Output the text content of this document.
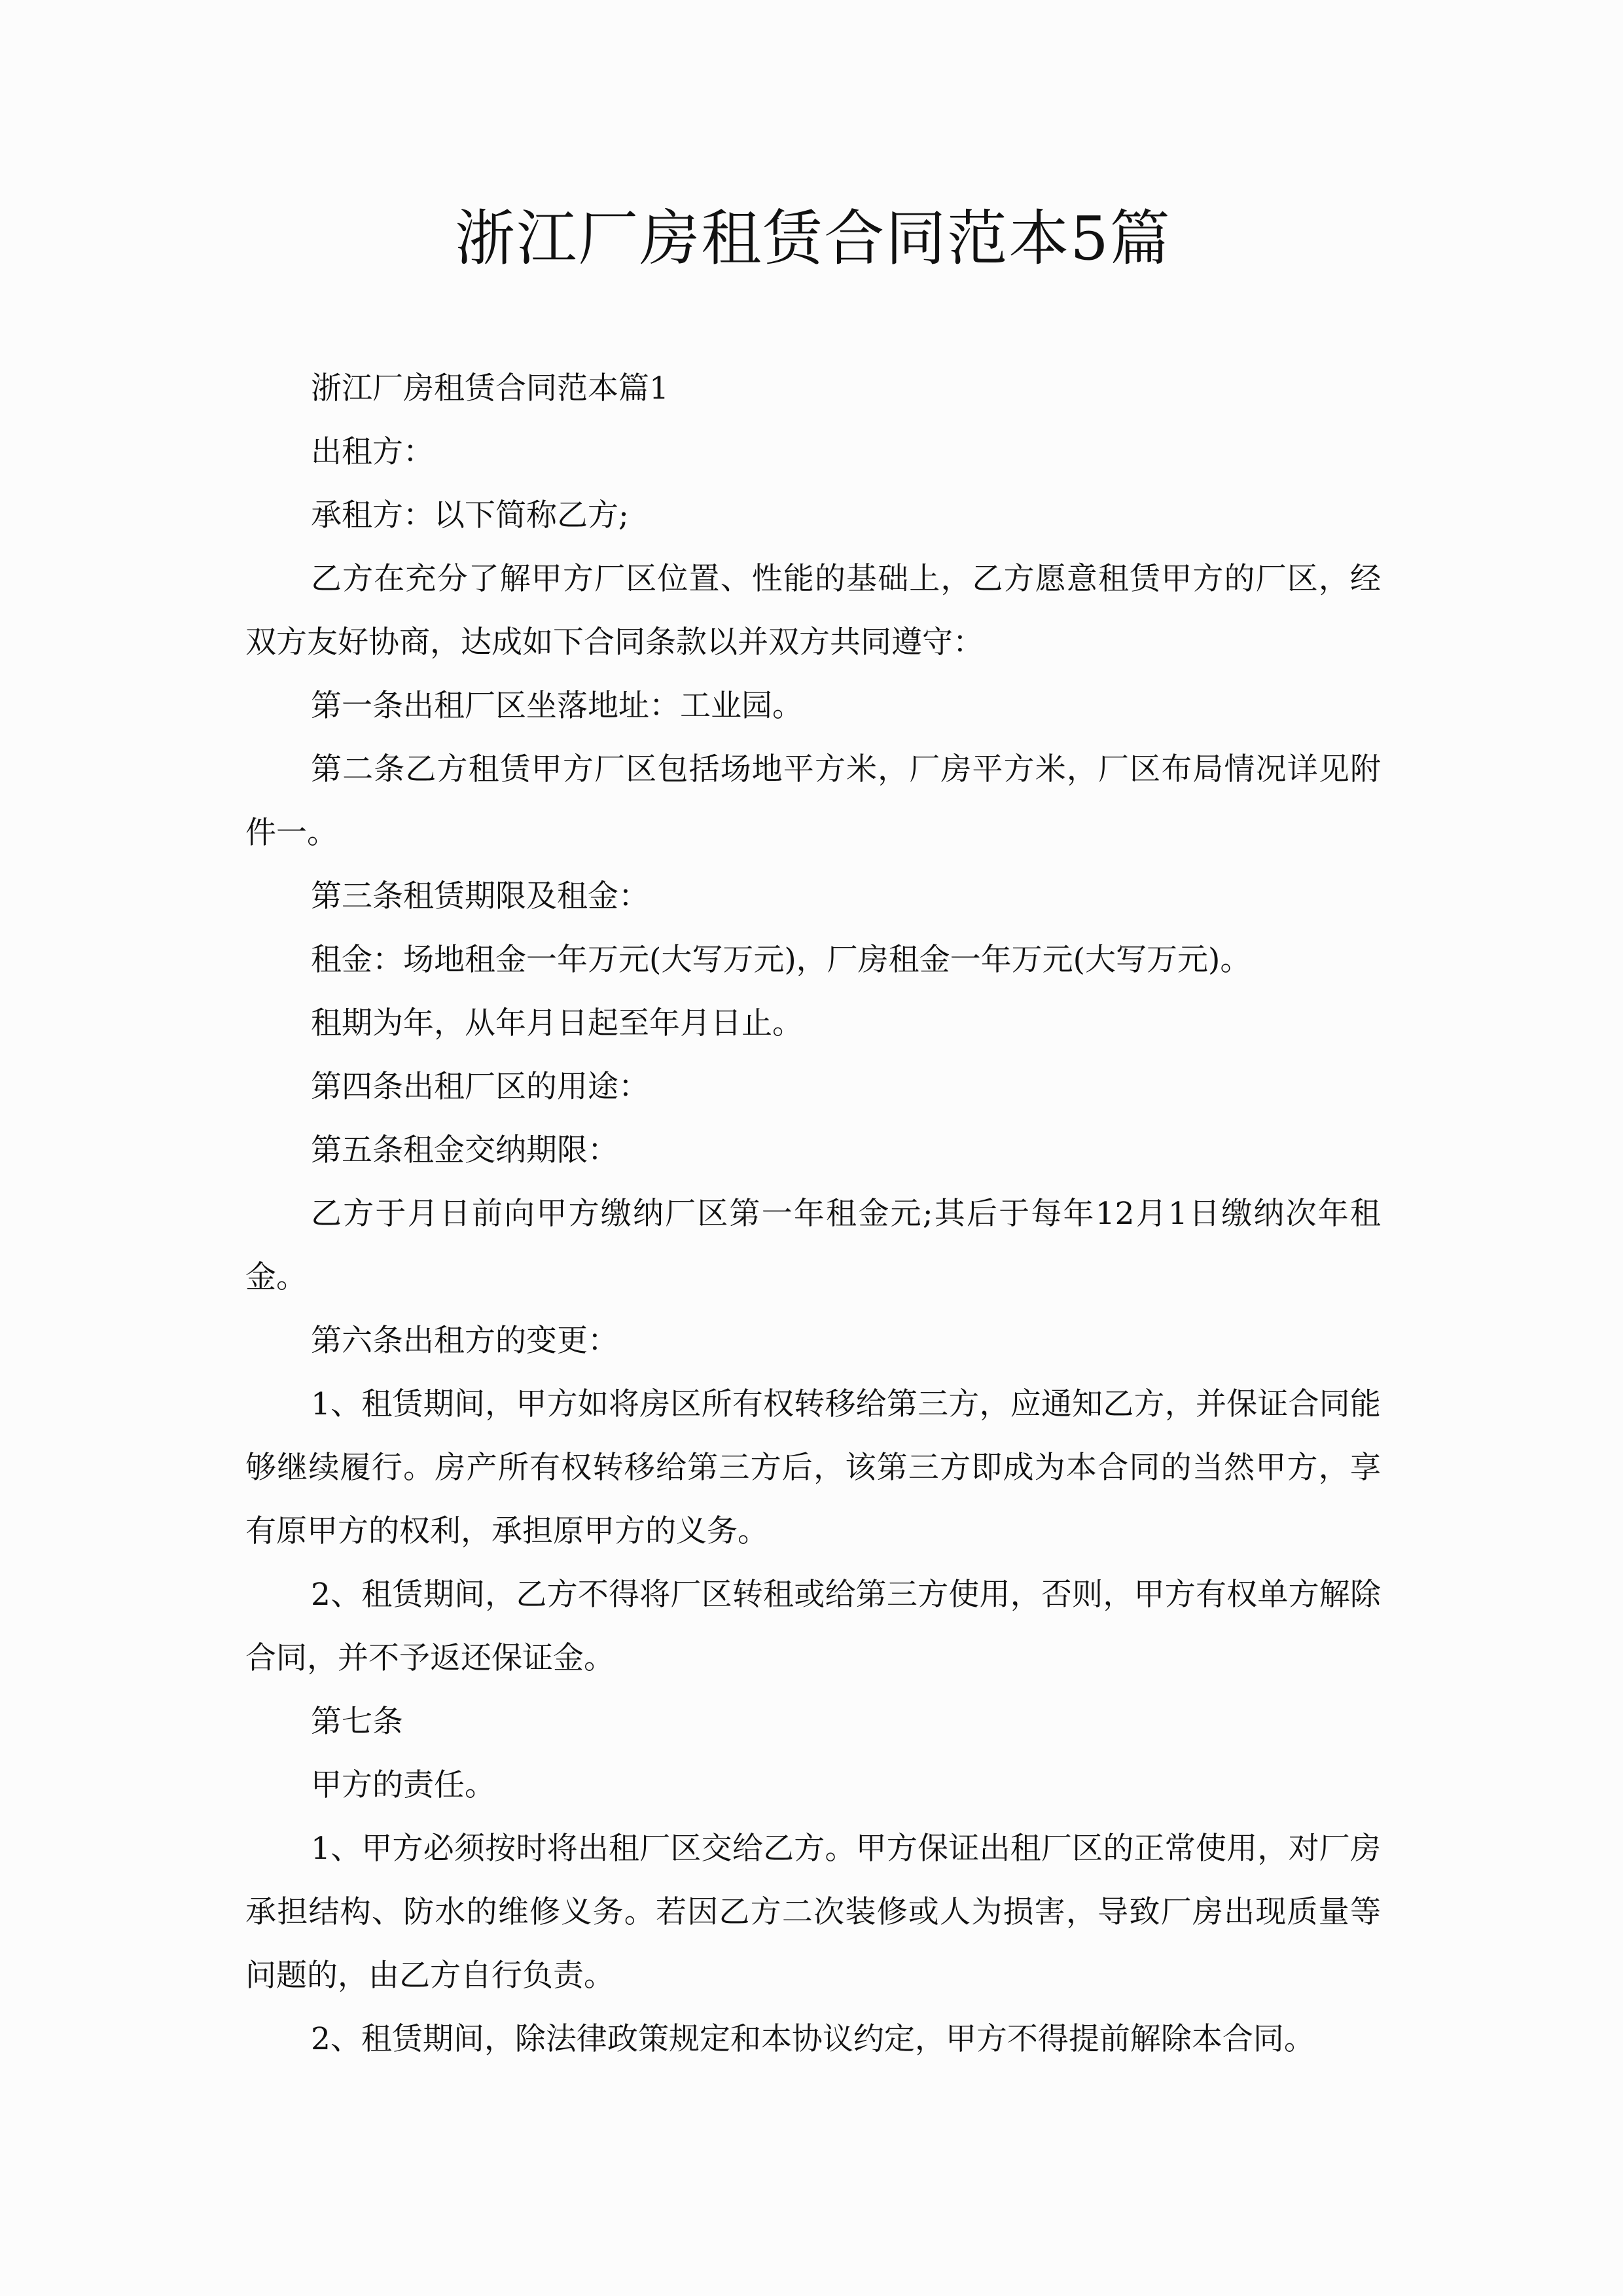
浙江厂房租赁合同范本5篇

浙江厂房租赁合同范本篇1

出租方：

承租方：以下简称乙方;

乙方在充分了解甲方厂区位置、性能的基础上，乙方愿意租赁甲方的厂区，经双方友好协商，达成如下合同条款以并双方共同遵守：

第一条出租厂区坐落地址：工业园。

第二条乙方租赁甲方厂区包括场地平方米，厂房平方米，厂区布局情况详见附件一。

第三条租赁期限及租金：

租金：场地租金一年万元(大写万元)，厂房租金一年万元(大写万元)。

租期为年，从年月日起至年月日止。

第四条出租厂区的用途：

第五条租金交纳期限：

乙方于月日前向甲方缴纳厂区第一年租金元;其后于每年12月1日缴纳次年租金。

第六条出租方的变更：

1、租赁期间，甲方如将房区所有权转移给第三方，应通知乙方，并保证合同能够继续履行。房产所有权转移给第三方后，该第三方即成为本合同的当然甲方，享有原甲方的权利，承担原甲方的义务。

2、租赁期间，乙方不得将厂区转租或给第三方使用，否则，甲方有权单方解除合同，并不予返还保证金。

第七条

甲方的责任。

1、甲方必须按时将出租厂区交给乙方。甲方保证出租厂区的正常使用，对厂房承担结构、防水的维修义务。若因乙方二次装修或人为损害，导致厂房出现质量等问题的，由乙方自行负责。

2、租赁期间，除法律政策规定和本协议约定，甲方不得提前解除本合同。
